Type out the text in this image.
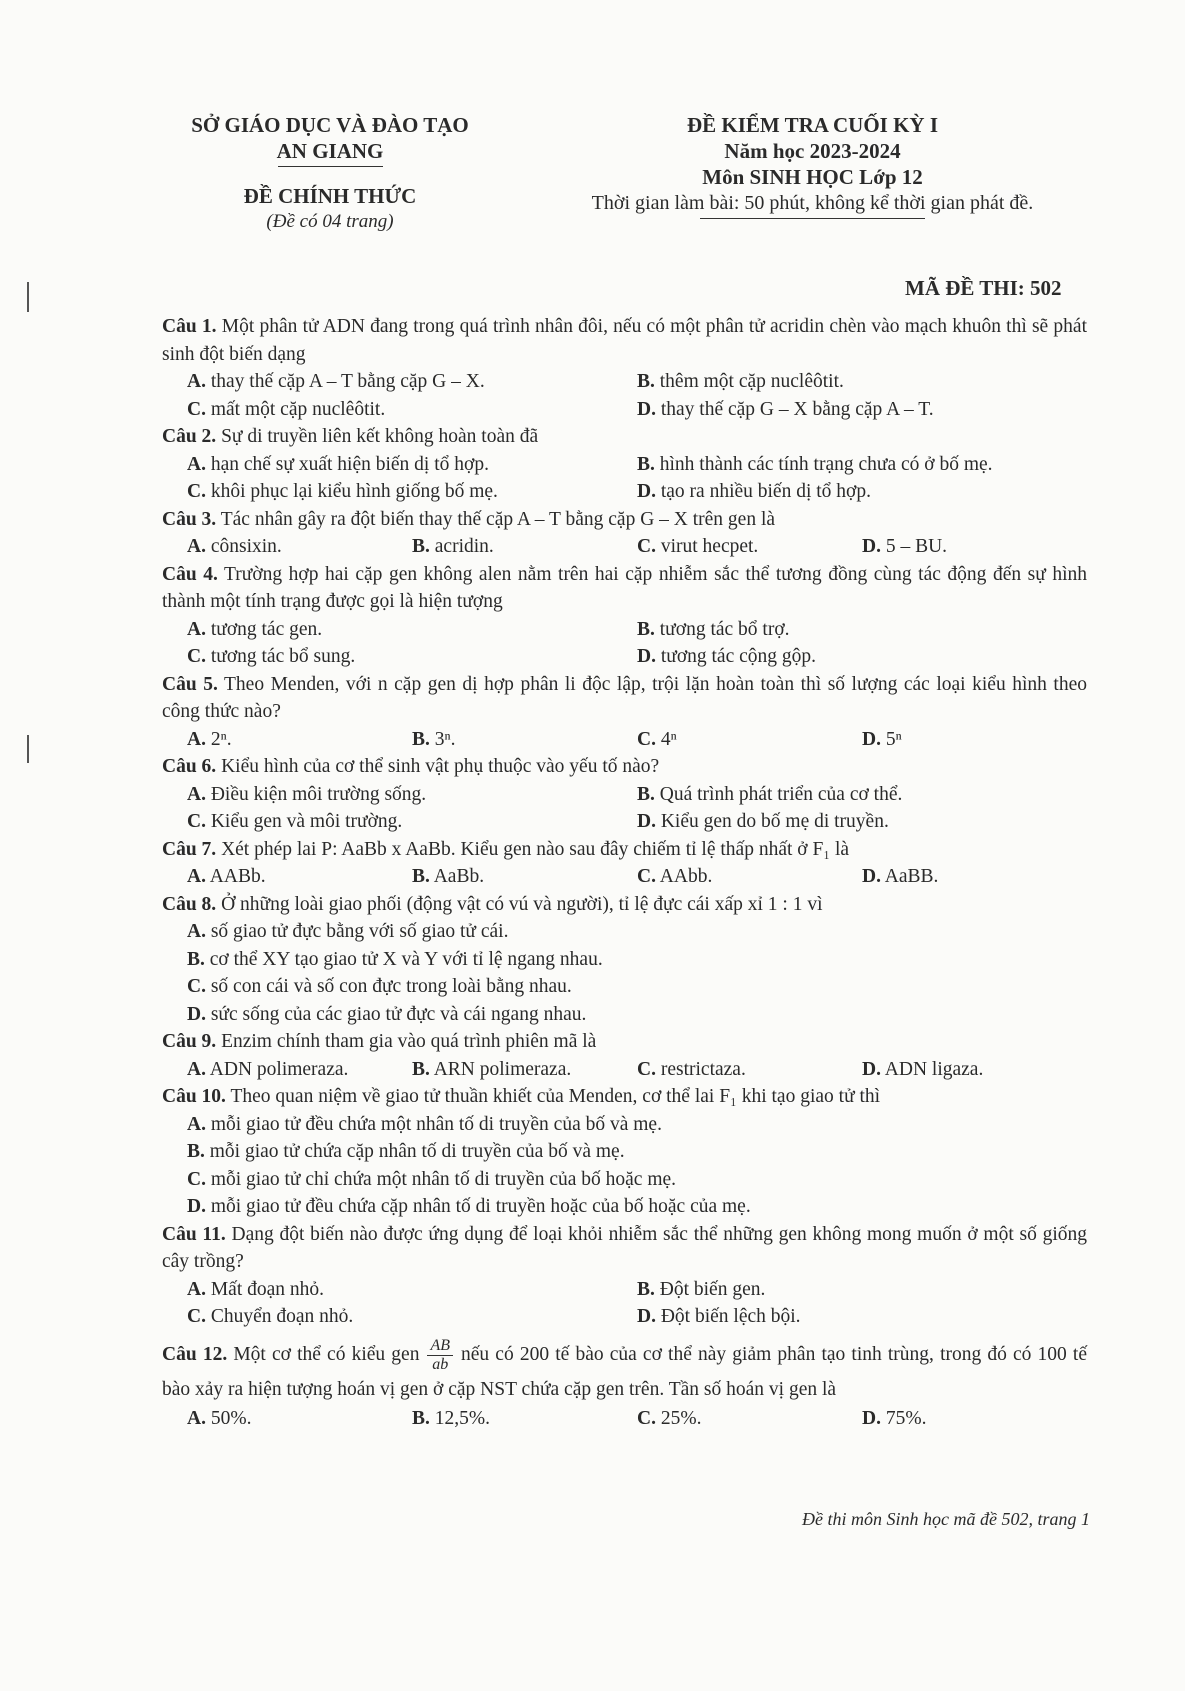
SỞ GIÁO DỤC VÀ ĐÀO TẠO
AN GIANG
ĐỀ CHÍNH THỨC
(Đề có 04 trang)
ĐỀ KIỂM TRA CUỐI KỲ I
Năm học 2023-2024
Môn SINH HỌC Lớp 12
Thời gian làm bài: 50 phút, không kể thời gian phát đề.
MÃ ĐỀ THI: 502
Câu 1. Một phân tử ADN đang trong quá trình nhân đôi, nếu có một phân tử acridin chèn vào mạch khuôn thì sẽ phát sinh đột biến dạng
A. thay thế cặp A – T bằng cặp G – X.	B. thêm một cặp nuclêôtit.
C. mất một cặp nuclêôtit.	D. thay thế cặp G – X bằng cặp A – T.
Câu 2. Sự di truyền liên kết không hoàn toàn đã
A. hạn chế sự xuất hiện biến dị tổ hợp.	B. hình thành các tính trạng chưa có ở bố mẹ.
C. khôi phục lại kiểu hình giống bố mẹ.	D. tạo ra nhiều biến dị tổ hợp.
Câu 3. Tác nhân gây ra đột biến thay thế cặp A – T bằng cặp G – X trên gen là
A. cônsixin.	B. acridin.	C. virut hecpet.	D. 5 – BU.
Câu 4. Trường hợp hai cặp gen không alen nằm trên hai cặp nhiễm sắc thể tương đồng cùng tác động đến sự hình thành một tính trạng được gọi là hiện tượng
A. tương tác gen.	B. tương tác bổ trợ.
C. tương tác bổ sung.	D. tương tác cộng gộp.
Câu 5. Theo Menden, với n cặp gen dị hợp phân li độc lập, trội lặn hoàn toàn thì số lượng các loại kiểu hình theo công thức nào?
A. 2ⁿ.	B. 3ⁿ.	C. 4ⁿ	D. 5ⁿ
Câu 6. Kiểu hình của cơ thể sinh vật phụ thuộc vào yếu tố nào?
A. Điều kiện môi trường sống.	B. Quá trình phát triển của cơ thể.
C. Kiểu gen và môi trường.	D. Kiểu gen do bố mẹ di truyền.
Câu 7. Xét phép lai P: AaBb x AaBb. Kiểu gen nào sau đây chiếm tỉ lệ thấp nhất ở F₁ là
A. AABb.	B. AaBb.	C. AAbb.	D. AaBB.
Câu 8. Ở những loài giao phối (động vật có vú và người), tỉ lệ đực cái xấp xỉ 1 : 1 vì
A. số giao tử đực bằng với số giao tử cái.
B. cơ thể XY tạo giao tử X và Y với tỉ lệ ngang nhau.
C. số con cái và số con đực trong loài bằng nhau.
D. sức sống của các giao tử đực và cái ngang nhau.
Câu 9. Enzim chính tham gia vào quá trình phiên mã là
A. ADN polimeraza.	B. ARN polimeraza.	C. restrictaza.	D. ADN ligaza.
Câu 10. Theo quan niệm về giao tử thuần khiết của Menden, cơ thể lai F₁ khi tạo giao tử thì
A. mỗi giao tử đều chứa một nhân tố di truyền của bố và mẹ.
B. mỗi giao tử chứa cặp nhân tố di truyền của bố và mẹ.
C. mỗi giao tử chỉ chứa một nhân tố di truyền của bố hoặc mẹ.
D. mỗi giao tử đều chứa cặp nhân tố di truyền hoặc của bố hoặc của mẹ.
Câu 11. Dạng đột biến nào được ứng dụng để loại khỏi nhiễm sắc thể những gen không mong muốn ở một số giống cây trồng?
A. Mất đoạn nhỏ.	B. Đột biến gen.
C. Chuyển đoạn nhỏ.	D. Đột biến lệch bội.
Câu 12. Một cơ thể có kiểu gen $\frac{AB}{ab}$ nếu có 200 tế bào của cơ thể này giảm phân tạo tinh trùng, trong đó có 100 tế bào xảy ra hiện tượng hoán vị gen ở cặp NST chứa cặp gen trên. Tần số hoán vị gen là
A. 50%.	B. 12,5%.	C. 25%.	D. 75%.
Đề thi môn Sinh học mã đề 502, trang 1
